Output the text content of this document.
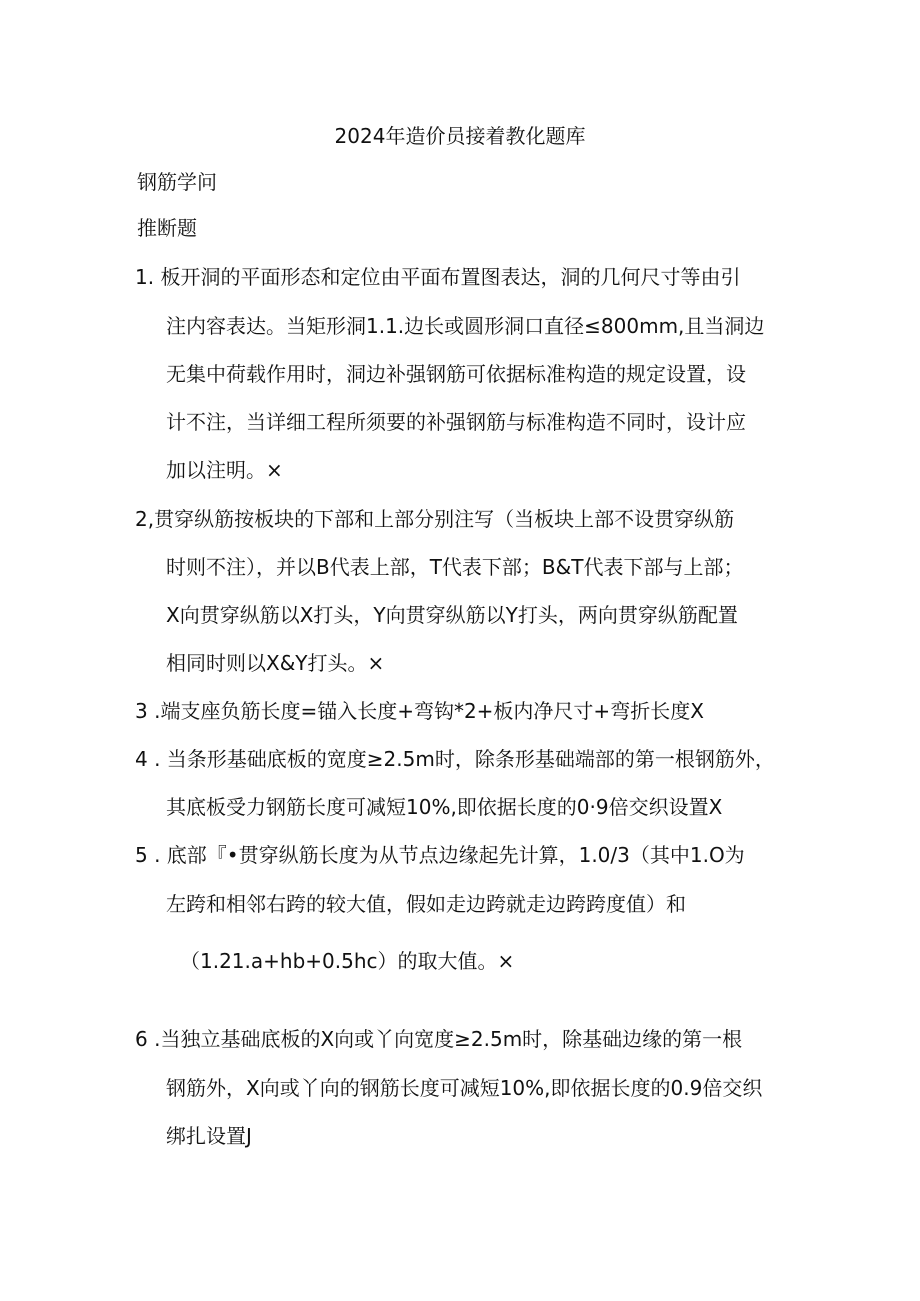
2024年造价员接着教化题库
钢筋学问
推断题
1. 板开洞的平面形态和定位由平面布置图表达，洞的几何尺寸等由引
注内容表达。当矩形洞1.1.边长或圆形洞口直径≤800mm,且当洞边
无集中荷载作用时，洞边补强钢筋可依据标准构造的规定设置，设
计不注，当详细工程所须要的补强钢筋与标准构造不同时，设计应
加以注明。×
2,贯穿纵筋按板块的下部和上部分别注写（当板块上部不设贯穿纵筋
时则不注），并以B代表上部，T代表下部；B&T代表下部与上部；
X向贯穿纵筋以X打头，Y向贯穿纵筋以Y打头，两向贯穿纵筋配置
相同时则以X&Y打头。×
3 .端支座负筋长度=锚入长度+弯钩*2+板内净尺寸+弯折长度X
4 . 当条形基础底板的宽度≥2.5m时，除条形基础端部的第一根钢筋外，
其底板受力钢筋长度可减短10%,即依据长度的0·9倍交织设置X
5 . 底部『•贯穿纵筋长度为从节点边缘起先计算，1.0/3（其中1.O为
左跨和相邻右跨的较大值，假如走边跨就走边跨跨度值）和
（1.21.a+hb+0.5hc）的取大值。×
6 .当独立基础底板的X向或丫向宽度≥2.5m时，除基础边缘的第一根
钢筋外，X向或丫向的钢筋长度可减短10%,即依据长度的0.9倍交织
绑扎设置J
